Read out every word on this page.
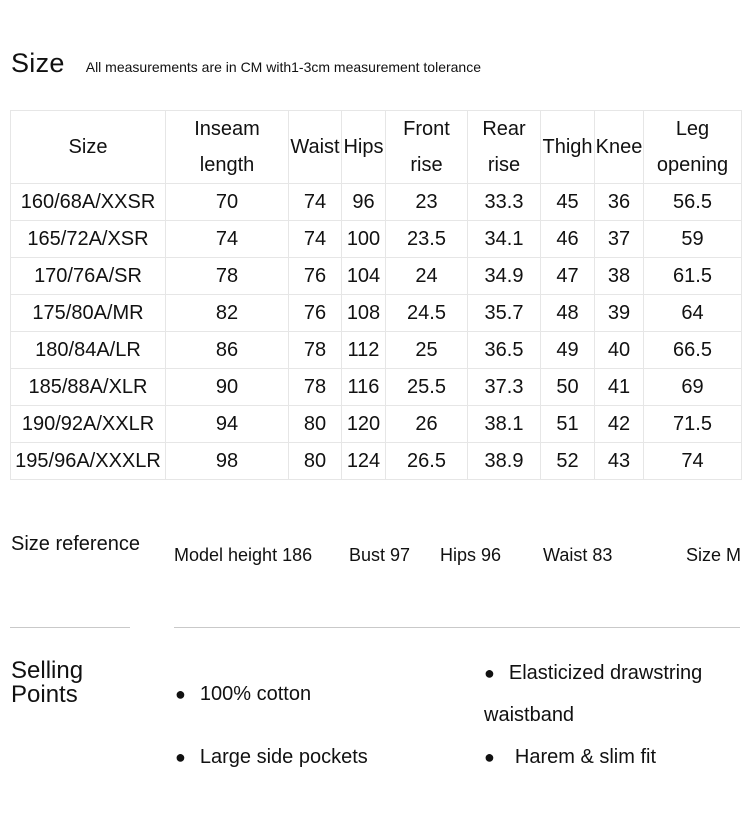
Size All measurements are in CM with1-3cm measurement tolerance
Size	Inseam length	Waist	Hips	Front rise	Rear rise	Thigh	Knee	Leg opening
160/68A/XXSR	70	74	96	23	33.3	45	36	56.5
165/72A/XSR	74	74	100	23.5	34.1	46	37	59
170/76A/SR	78	76	104	24	34.9	47	38	61.5
175/80A/MR	82	76	108	24.5	35.7	48	39	64
180/84A/LR	86	78	112	25	36.5	49	40	66.5
185/88A/XLR	90	78	116	25.5	37.3	50	41	69
190/92A/XXLR	94	80	120	26	38.1	51	42	71.5
195/96A/XXXLR	98	80	124	26.5	38.9	52	43	74
Size reference Model height 186 Bust 97 Hips 96 Waist 83	Size M
Selling Points	● 100% cotton
● Large side pockets
● Elasticized drawstring
waistband
● Harem & slim fit
